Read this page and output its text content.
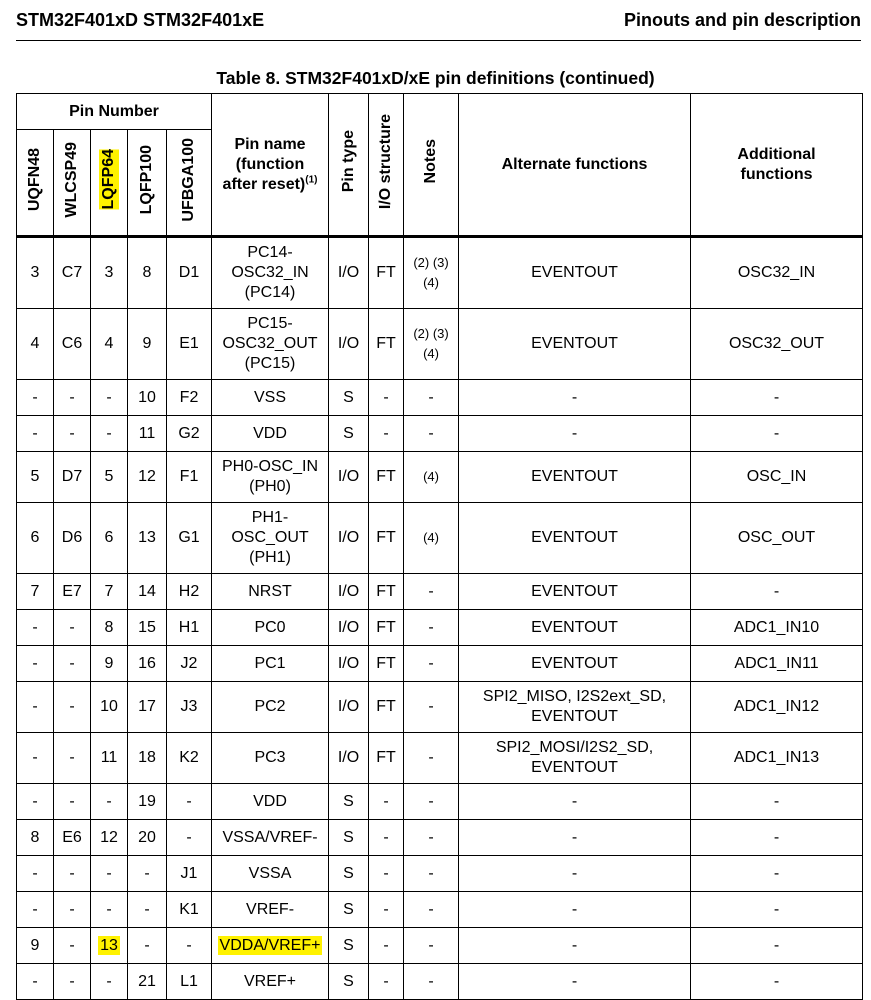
STM32F401xD STM32F401xE	Pinouts and pin description
Table 8. STM32F401xD/xE pin definitions (continued)
Pin Number					Pin name
(function
after reset)$^{(1)}$	Pin type	I/O structure	Notes	Alternate functions	Additional
functions
UQFN48	WLCSP49	LQFP64	LQFP100	UFBGA100						
3	C7	3	8	D1	PC14-
OSC32_IN
(PC14)	I/O	FT	(2) (3)
(4)	EVENTOUT	OSC32_IN
4	C6	4	9	E1	PC15-
OSC32_OUT
(PC15)	I/O	FT	(2) (3)
(4)	EVENTOUT	OSC32_OUT
-	-	-	10	F2	VSS	S	-	-	-	-
-	-	-	11	G2	VDD	S	-	-	-	-
5	D7	5	12	F1	PH0-OSC_IN
(PH0)	I/O	FT	(4)	EVENTOUT	OSC_IN
6	D6	6	13	G1	PH1-
OSC_OUT
(PH1)	I/O	FT	(4)	EVENTOUT	OSC_OUT
7	E7	7	14	H2	NRST	I/O	FT	-	EVENTOUT	-
-	-	8	15	H1	PC0	I/O	FT	-	EVENTOUT	ADC1_IN10
-	-	9	16	J2	PC1	I/O	FT	-	EVENTOUT	ADC1_IN11
-	-	10	17	J3	PC2	I/O	FT	-	SPI2_MISO, I2S2ext_SD,
EVENTOUT	ADC1_IN12
-	-	11	18	K2	PC3	I/O	FT	-	SPI2_MOSI/I2S2_SD,
EVENTOUT	ADC1_IN13
-	-	-	19	-	VDD	S	-	-	-	-
8	E6	12	20	-	VSSA/VREF-	S	-	-	-	-
-	-	-	-	J1	VSSA	S	-	-	-	-
-	-	-	-	K1	VREF-	S	-	-	-	-
9	-	13	-	-	VDDA/VREF+	S	-	-	-	-
-	-	-	21	L1	VREF+	S	-	-	-	-
